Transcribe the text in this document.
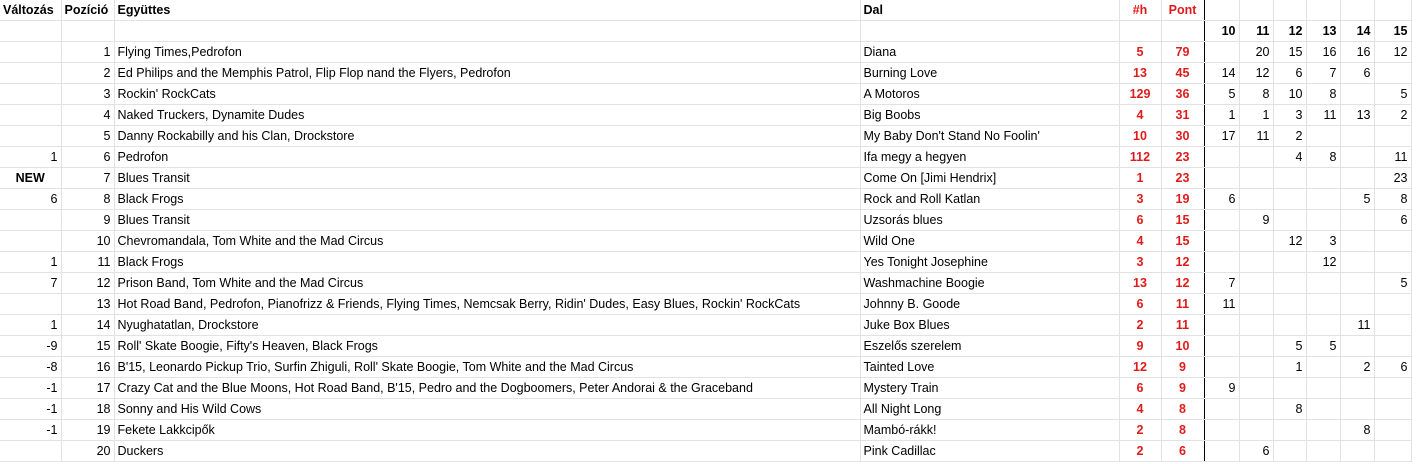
Változás	Pozíció	Együttes	Dal	#h	Pont						
						10	11	12	13	14	15
	1	Flying Times,Pedrofon	Diana	5	79		20	15	16	16	12
	2	Ed Philips and the Memphis Patrol, Flip Flop nand the Flyers, Pedrofon	Burning Love	13	45	14	12	6	7	6	
	3	Rockin' RockCats	A Motoros	129	36	5	8	10	8		5
	4	Naked Truckers, Dynamite Dudes	Big Boobs	4	31	1	1	3	11	13	2
	5	Danny Rockabilly and his Clan, Drockstore	My Baby Don't Stand No Foolin'	10	30	17	11	2			
1	6	Pedrofon	Ifa megy a hegyen	112	23			4	8		11
NEW	7	Blues Transit	Come On [Jimi Hendrix]	1	23						23
6	8	Black Frogs	Rock and Roll Katlan	3	19	6				5	8
	9	Blues Transit	Uzsorás blues	6	15		9				6
	10	Chevromandala, Tom White and the Mad Circus	Wild One	4	15			12	3		
1	11	Black Frogs	Yes Tonight Josephine	3	12				12		
7	12	Prison Band, Tom White and the Mad Circus	Washmachine Boogie	13	12	7					5
	13	Hot Road Band, Pedrofon, Pianofrizz & Friends, Flying Times, Nemcsak Berry, Ridin' Dudes, Easy Blues, Rockin' RockCats	Johnny B. Goode	6	11	11					
1	14	Nyughatatlan, Drockstore	Juke Box Blues	2	11					11	
-9	15	Roll' Skate Boogie, Fifty's Heaven, Black Frogs	Eszelős szerelem	9	10			5	5		
-8	16	B'15, Leonardo Pickup Trio, Surfin Zhiguli, Roll' Skate Boogie, Tom White and the Mad Circus	Tainted Love	12	9			1		2	6
-1	17	Crazy Cat and the Blue Moons, Hot Road Band, B'15, Pedro and the Dogboomers, Peter Andorai & the Graceband	Mystery Train	6	9	9					
-1	18	Sonny and His Wild Cows	All Night Long	4	8			8			
-1	19	Fekete Lakkcipők	Mambó-rákk!	2	8					8	
	20	Duckers	Pink Cadillac	2	6		6				
